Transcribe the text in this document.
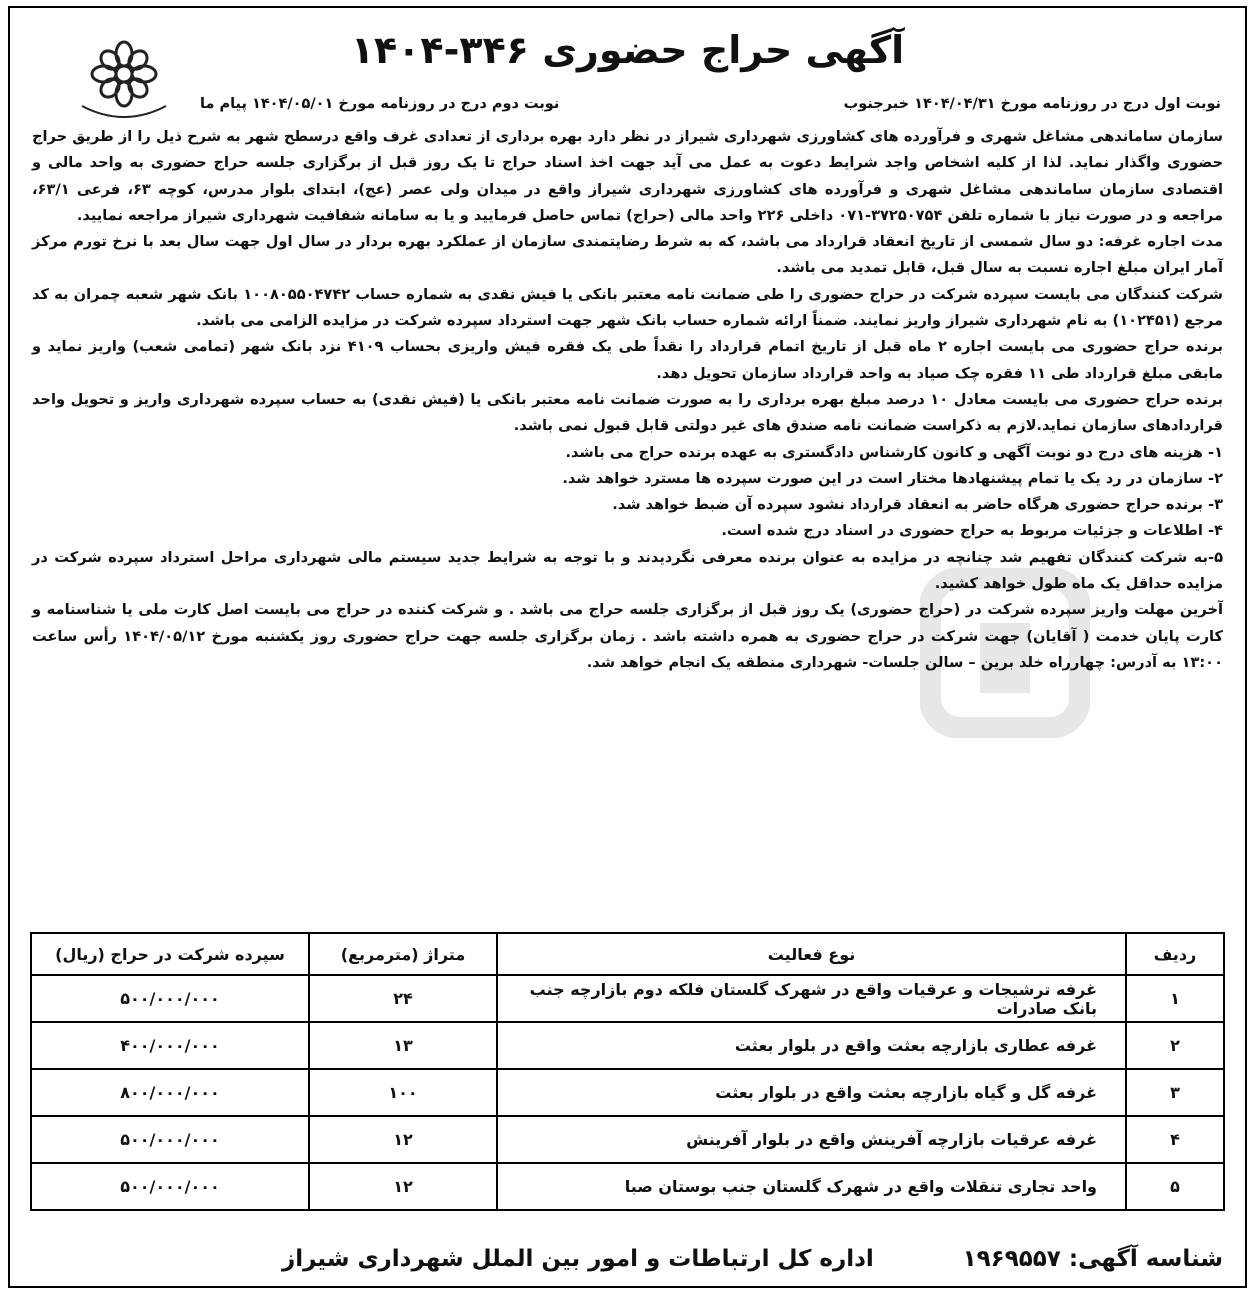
آگهی حراج حضوری ۳۴۶-۱۴۰۴
نوبت اول درج در روزنامه مورخ ۱۴۰۴/۰۴/۳۱ خبرجنوب
نوبت دوم درج در روزنامه مورخ ۱۴۰۴/۰۵/۰۱ پیام ما

سازمان ساماندهی مشاغل شهری و فرآورده های کشاورزی شهرداری شیراز در نظر دارد بهره برداری از تعدادی غرف واقع درسطح شهر به شرح ذیل را از طریق حراج حضوری واگذار نماید. لذا از کلیه اشخاص واجد شرایط دعوت به عمل می آید جهت اخذ اسناد حراج تا یک روز قبل از برگزاری جلسه حراج حضوری به واحد مالی و اقتصادی سازمان ساماندهی مشاغل شهری و فرآورده های کشاورزی شهرداری شیراز واقع در میدان ولی عصر (عج)، ابتدای بلوار مدرس، کوچه ۶۳، فرعی ۶۳/۱، مراجعه و در صورت نیاز با شماره تلفن ۳۷۲۵۰۷۵۴-۰۷۱ داخلی ۲۲۶ واحد مالی (حراج) تماس حاصل فرمایید و یا به سامانه شفافیت شهرداری شیراز مراجعه نمایید.

مدت اجاره غرفه: دو سال شمسی از تاریخ انعقاد قرارداد می باشد، که به شرط رضایتمندی سازمان از عملکرد بهره بردار در سال اول جهت سال بعد با نرخ تورم مرکز آمار ایران مبلغ اجاره نسبت به سال قبل، قابل تمدید می باشد.

شرکت کنندگان می بایست سپرده شرکت در حراج حضوری را طی ضمانت نامه معتبر بانکی یا فیش نقدی به شماره حساب ۱۰۰۸۰۵۵۰۴۷۴۲ بانک شهر شعبه چمران به کد مرجع (۱۰۲۴۵۱) به نام شهرداری شیراز واریز نمایند. ضمناً ارائه شماره حساب بانک شهر جهت استرداد سپرده شرکت در مزایده الزامی می باشد.

برنده حراج حضوری می بایست اجاره ۲ ماه قبل از تاریخ اتمام قرارداد را نقداً طی یک فقره فیش واریزی بحساب ۴۱۰۹ نزد بانک شهر (تمامی شعب) واریز نماید و مابقی مبلغ قرارداد طی ۱۱ فقره چک صیاد به واحد قرارداد سازمان تحویل دهد.

برنده حراج حضوری می بایست معادل ۱۰ درصد مبلغ بهره برداری را به صورت ضمانت نامه معتبر بانکی یا (فیش نقدی) به حساب سپرده شهرداری واریز و تحویل واحد قراردادهای سازمان نماید.لازم به ذکراست ضمانت نامه صندق های غیر دولتی قابل قبول نمی باشد.

۱- هزینه های درج دو نوبت آگهی و کانون کارشناس دادگستری به عهده برنده حراج می باشد.

۲- سازمان در رد یک یا تمام پیشنهادها مختار است در این صورت سپرده ها مسترد خواهد شد.

۳- برنده حراج حضوری هرگاه حاضر به انعقاد قرارداد نشود سپرده آن ضبط خواهد شد.

۴- اطلاعات و جزئیات مربوط به حراج حضوری در اسناد درج شده است.

۵-به شرکت کنندگان تفهیم شد چنانچه در مزایده به عنوان برنده معرفی نگردیدند و با توجه به شرایط جدید سیستم مالی شهرداری مراحل استرداد سپرده شرکت در مزایده حداقل یک ماه طول خواهد کشید.

آخرین مهلت واریز سپرده شرکت در (حراج حضوری) یک روز قبل از برگزاری جلسه حراج می باشد . و شرکت کننده در حراج می بایست اصل کارت ملی یا شناسنامه و کارت پایان خدمت ( آقایان) جهت شرکت در حراج حضوری به همره داشته باشد . زمان برگزاری جلسه جهت حراج حضوری روز یکشنبه مورخ ۱۴۰۴/۰۵/۱۲ رأس ساعت ۱۳:۰۰ به آدرس: چهارراه خلد برین – سالن جلسات- شهرداری منطقه یک انجام خواهد شد.

ردیف	نوع فعالیت	متراژ (مترمربع)	سپرده شرکت در حراج (ریال)
۱	غرفه ترشیجات و عرقیات واقع در شهرک گلستان فلکه دوم بازارچه جنب بانک صادرات	۲۴	۵۰۰/۰۰۰/۰۰۰
۲	غرفه عطاری بازارچه بعثت واقع در بلوار بعثت	۱۳	۴۰۰/۰۰۰/۰۰۰
۳	غرفه گل و گیاه بازارچه بعثت واقع در بلوار بعثت	۱۰۰	۸۰۰/۰۰۰/۰۰۰
۴	غرفه عرقیات بازارچه آفرینش واقع در بلوار آفرینش	۱۲	۵۰۰/۰۰۰/۰۰۰
۵	واحد تجاری تنقلات واقع در شهرک گلستان جنب بوستان صبا	۱۲	۵۰۰/۰۰۰/۰۰۰
شناسه آگهی: ۱۹۶۹۵۵۷
اداره کل ارتباطات و امور بین الملل شهرداری شیراز
